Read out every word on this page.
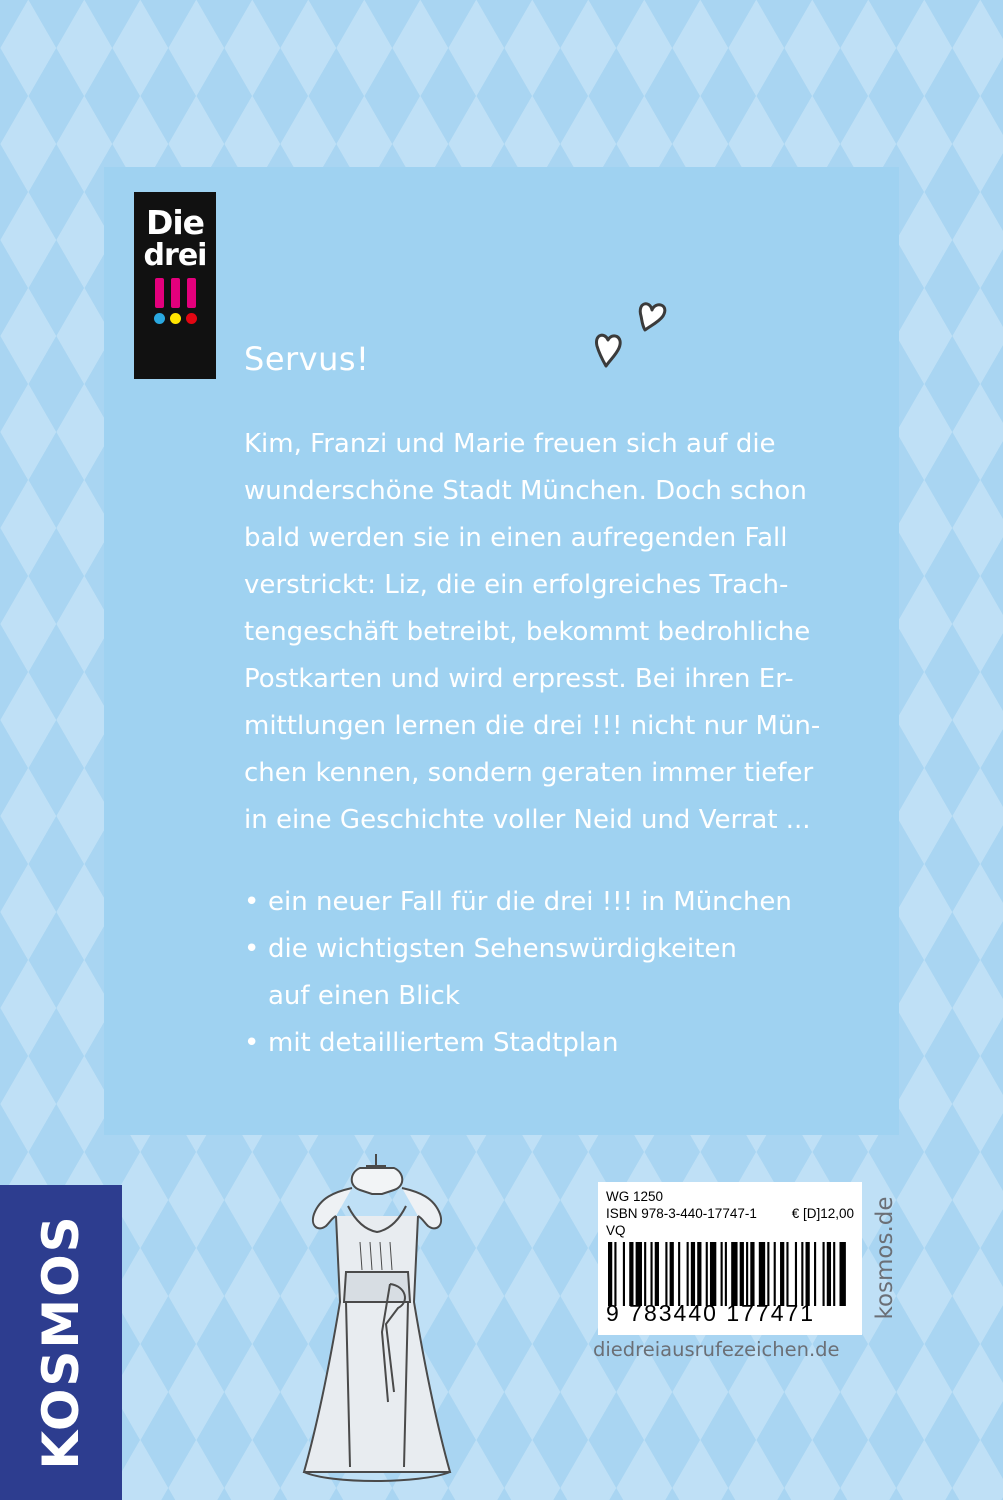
Die
drei
Servus!

Kim, Franzi und Marie freuen sich auf die
wunderschöne Stadt München. Doch schon
bald werden sie in einen aufregenden Fall
verstrickt: Liz, die ein erfolgreiches Trach-
tengeschäft betreibt, bekommt bedrohliche
Postkarten und wird erpresst. Bei ihren Er-
mittlungen lernen die drei !!! nicht nur Mün-
chen kennen, sondern geraten immer tiefer
in eine Geschichte voller Neid und Verrat ...

• ein neuer Fall für die drei !!! in München
• die wichtigsten Sehenswürdigkeiten
auf einen Blick
• mit detailliertem Stadtplan
KOSMOS
WG 1250
ISBN 978-3-440-17747-1	€ [D]12,00
VQ
9 783440 177471
diedreiausrufezeichen.de
kosmos.de
